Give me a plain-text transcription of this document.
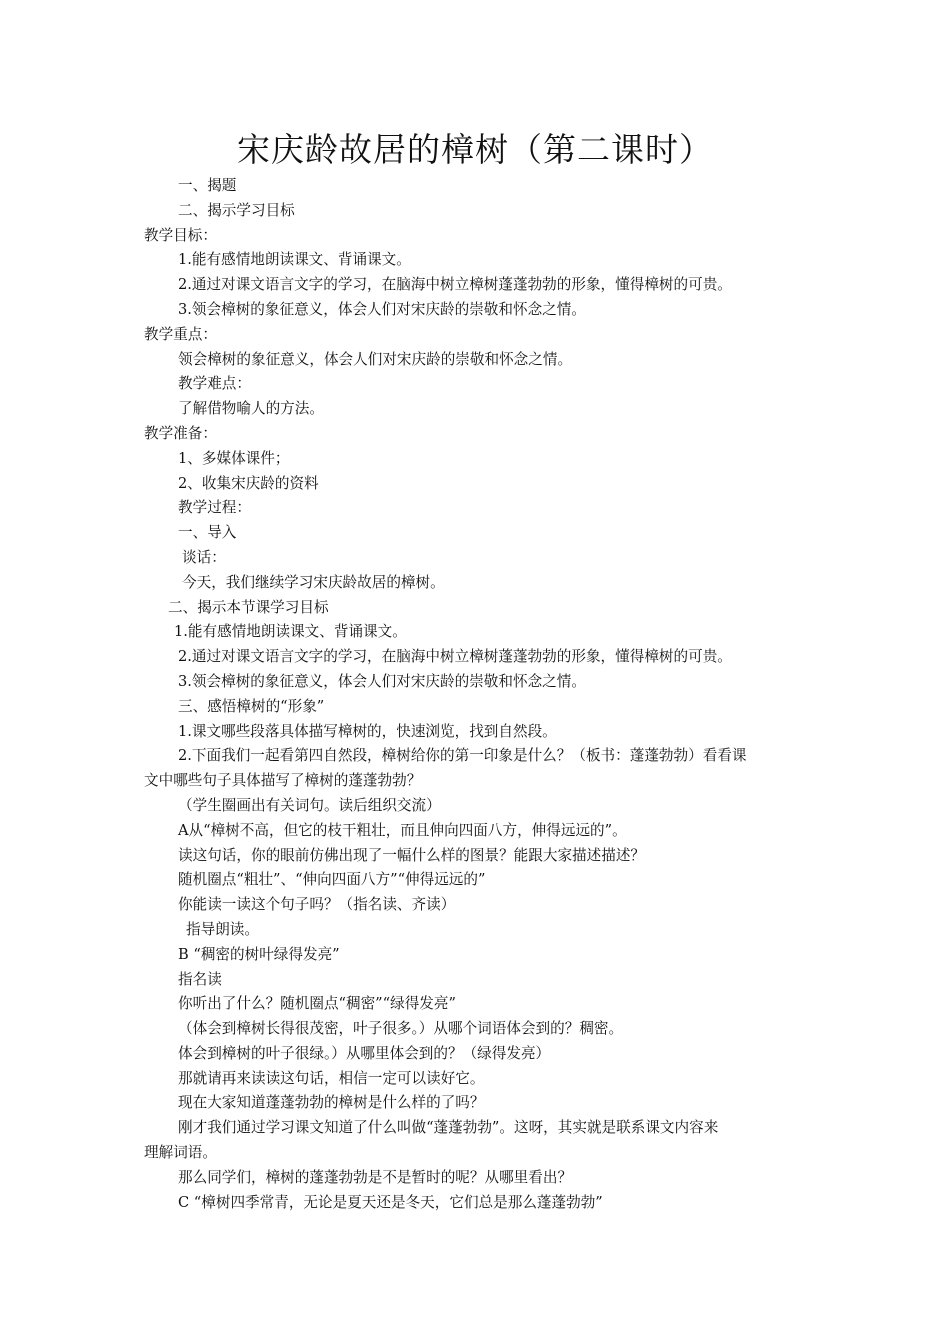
宋庆龄故居的樟树（第二课时）
一、揭题
二、揭示学习目标
教学目标：
1.能有感情地朗读课文、背诵课文。
2.通过对课文语言文字的学习，在脑海中树立樟树蓬蓬勃勃的形象，懂得樟树的可贵。
3.领会樟树的象征意义，体会人们对宋庆龄的崇敬和怀念之情。
教学重点：
领会樟树的象征意义，体会人们对宋庆龄的崇敬和怀念之情。
教学难点：
了解借物喻人的方法。
教学准备：
1、多媒体课件；
2、收集宋庆龄的资料
教学过程：
一、导入
谈话：
今天，我们继续学习宋庆龄故居的樟树。
二、揭示本节课学习目标
1.能有感情地朗读课文、背诵课文。
2.通过对课文语言文字的学习，在脑海中树立樟树蓬蓬勃勃的形象，懂得樟树的可贵。
3.领会樟树的象征意义，体会人们对宋庆龄的崇敬和怀念之情。
三、感悟樟树的“形象”
1.课文哪些段落具体描写樟树的，快速浏览，找到自然段。
2.下面我们一起看第四自然段，樟树给你的第一印象是什么？（板书：蓬蓬勃勃）看看课
文中哪些句子具体描写了樟树的蓬蓬勃勃？
（学生圈画出有关词句。读后组织交流）
A从“樟树不高，但它的枝干粗壮，而且伸向四面八方，伸得远远的”。
读这句话，你的眼前仿佛出现了一幅什么样的图景？能跟大家描述描述？
随机圈点“粗壮”、“伸向四面八方”“伸得远远的”
你能读一读这个句子吗？（指名读、齐读）
指导朗读。
B “稠密的树叶绿得发亮”
指名读
你听出了什么？随机圈点“稠密”“绿得发亮”
（体会到樟树长得很茂密，叶子很多。）从哪个词语体会到的？稠密。
体会到樟树的叶子很绿。）从哪里体会到的？（绿得发亮）
那就请再来读读这句话，相信一定可以读好它。
现在大家知道蓬蓬勃勃的樟树是什么样的了吗？
刚才我们通过学习课文知道了什么叫做“蓬蓬勃勃”。这呀，其实就是联系课文内容来
理解词语。
那么同学们，樟树的蓬蓬勃勃是不是暂时的呢？从哪里看出？
C “樟树四季常青，无论是夏天还是冬天，它们总是那么蓬蓬勃勃”
